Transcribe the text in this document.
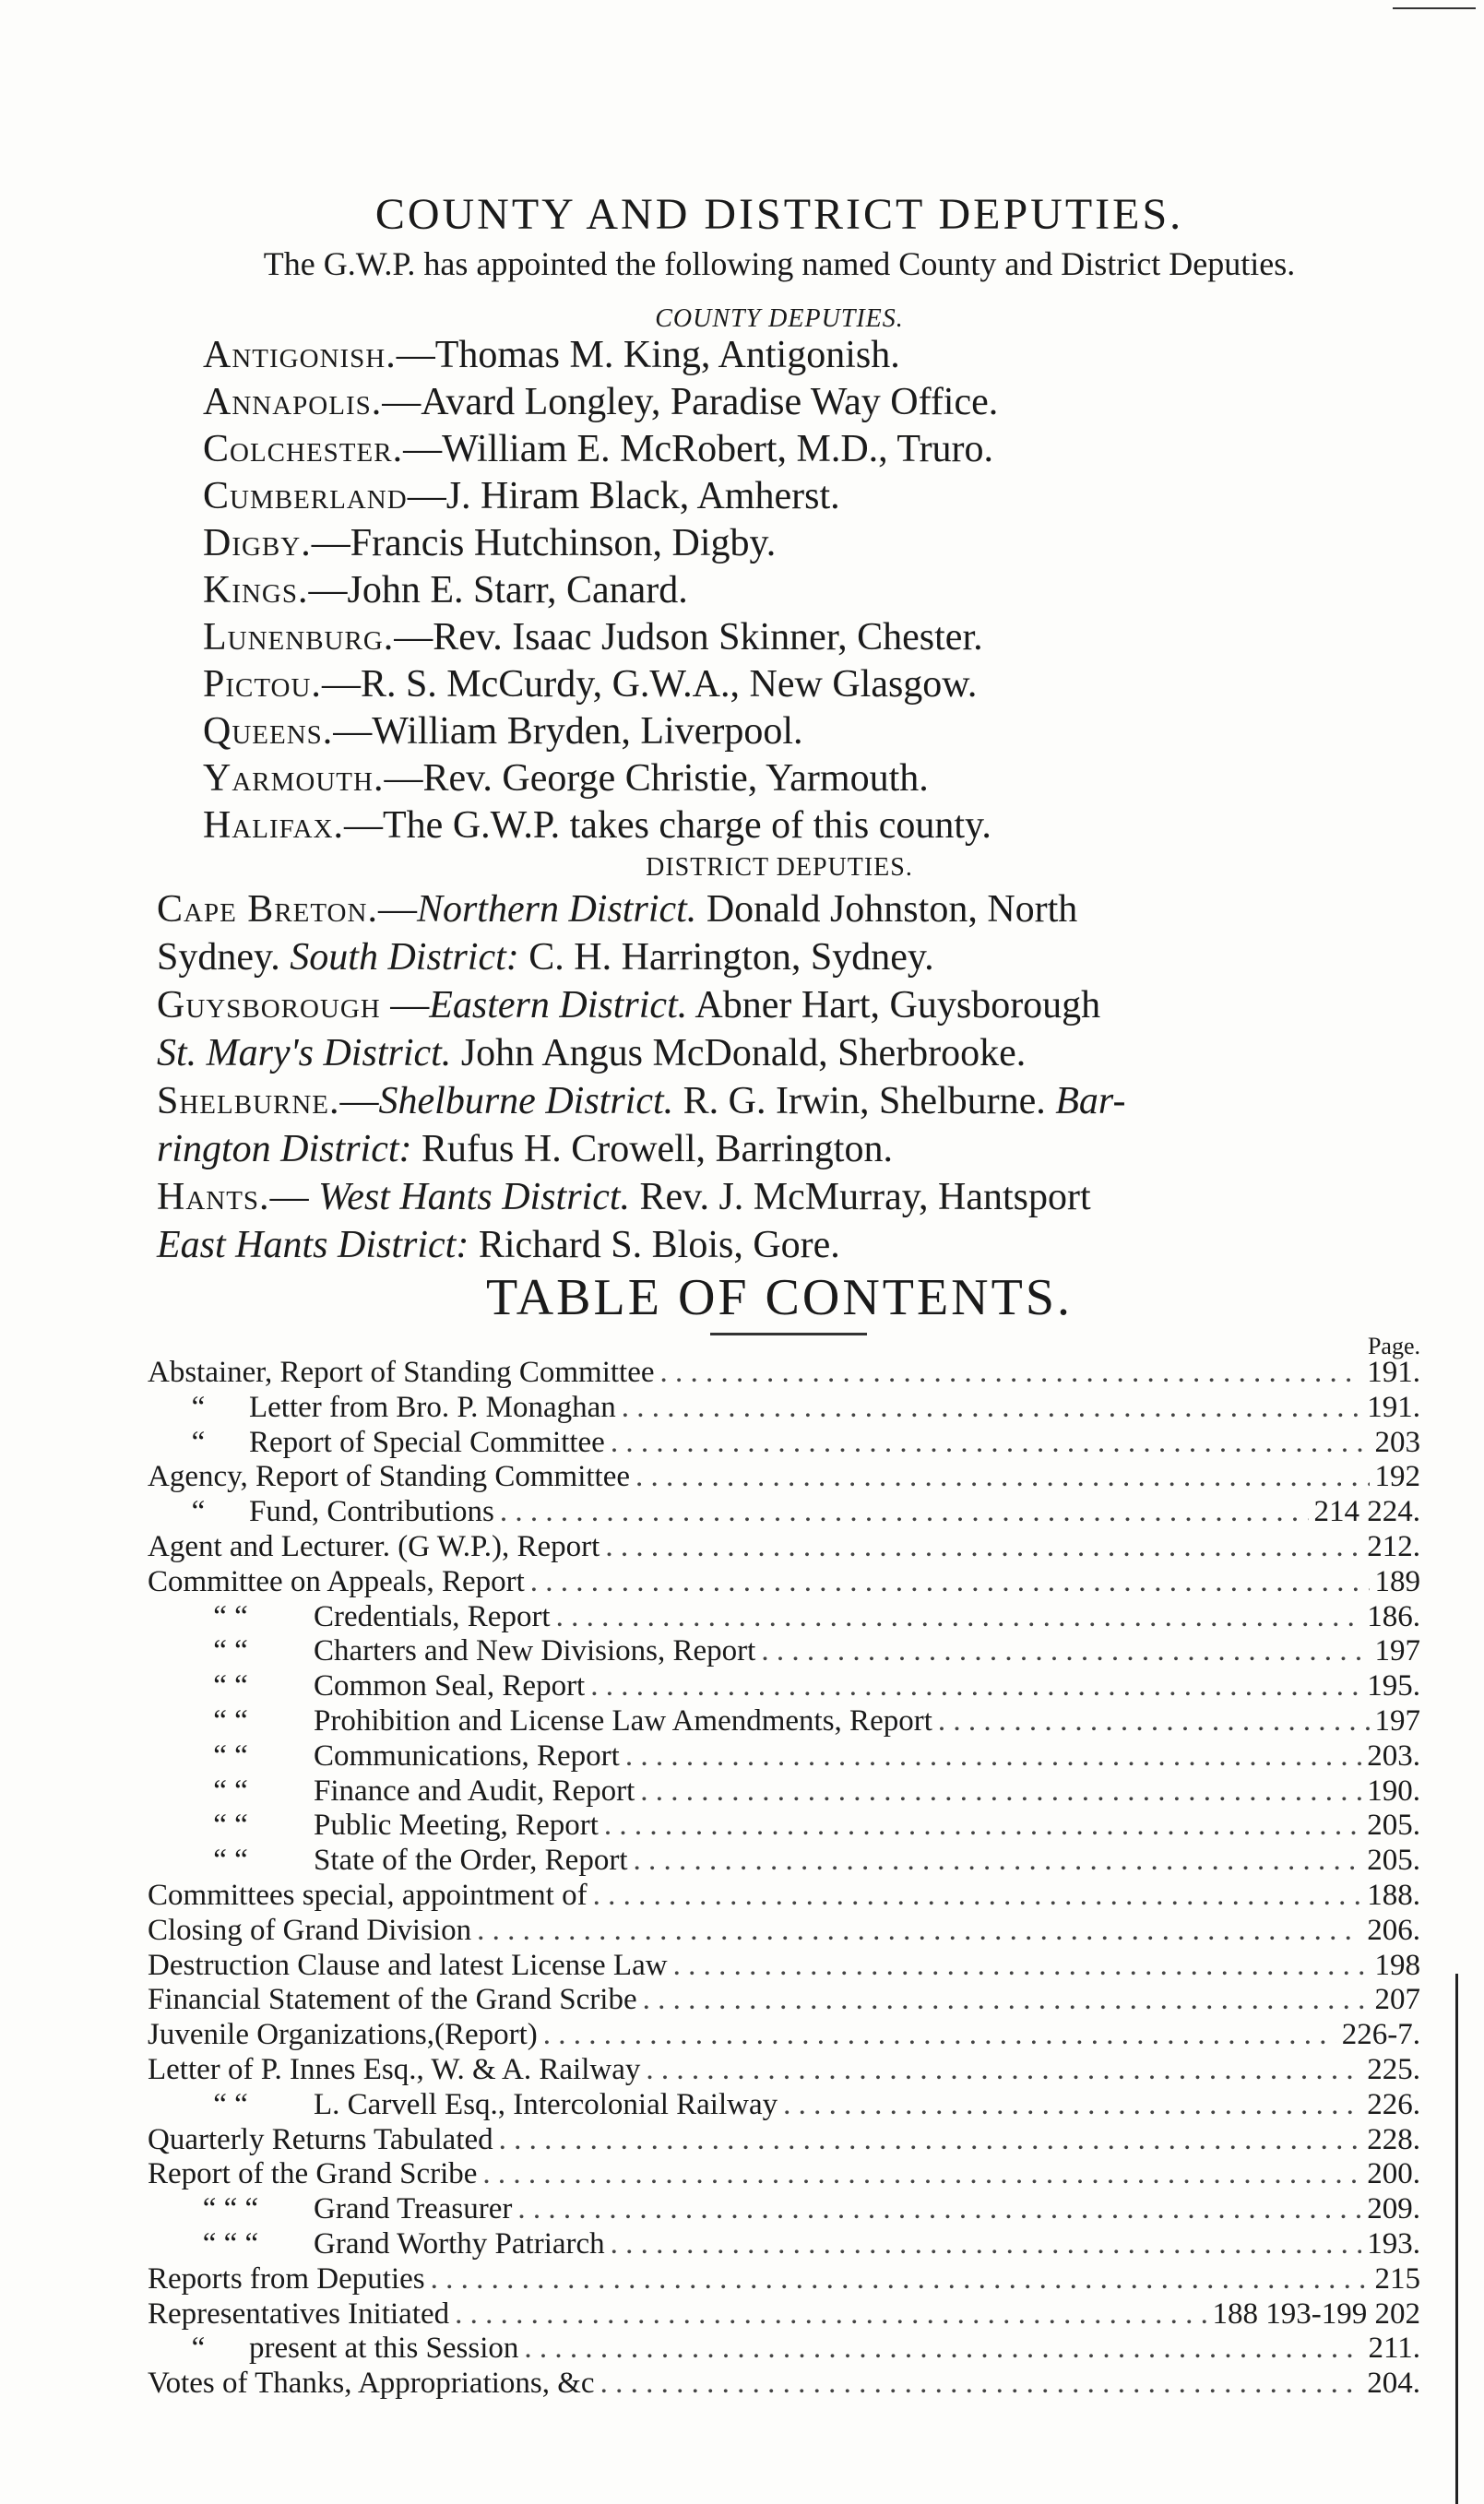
COUNTY AND DISTRICT DEPUTIES.
The G.W.P. has appointed the following named County and District Deputies.
COUNTY DEPUTIES.
Antigonish.—Thomas M. King, Antigonish.
Annapolis.—Avard Longley, Paradise Way Office.
Colchester.—William E. McRobert, M.D., Truro.
Cumberland—J. Hiram Black, Amherst.
Digby.—Francis Hutchinson, Digby.
Kings.—John E. Starr, Canard.
Lunenburg.—Rev. Isaac Judson Skinner, Chester.
Pictou.—R. S. McCurdy, G.W.A., New Glasgow.
Queens.—William Bryden, Liverpool.
Yarmouth.—Rev. George Christie, Yarmouth.
Halifax.—The G.W.P. takes charge of this county.
DISTRICT DEPUTIES.
Cape Breton.—Northern District. Donald Johnston, North
Sydney. South District: C. H. Harrington, Sydney.
Guysborough —Eastern District. Abner Hart, Guysborough
St. Mary's District. John Angus McDonald, Sherbrooke.
Shelburne.—Shelburne District. R. G. Irwin, Shelburne. Bar-
rington District: Rufus H. Crowell, Barrington.
Hants.— West Hants District. Rev. J. McMurray, Hantsport
East Hants District: Richard S. Blois, Gore.
TABLE OF CONTENTS.
Page.
Abstainer, Report of Standing Committee . . .	191.
“ Letter from Bro. P. Monaghan . . .	191.
“ Report of Special Committee . . .	203
Agency, Report of Standing Committee . . .	192
“ Fund, Contributions . . .	214 224.
Agent and Lecturer. (G W.P.), Report . . .	212.
Committee on Appeals, Report . . .	189
“ “ Credentials, Report . . .	186.
“ “ Charters and New Divisions, Report . . .	197
“ “ Common Seal, Report . . .	195.
“ “ Prohibition and License Law Amendments, Report . . .	197
“ “ Communications, Report . . .	203.
“ “ Finance and Audit, Report . . .	190.
“ “ Public Meeting, Report . . .	205.
“ “ State of the Order, Report . . .	205.
Committees special, appointment of . . .	188.
Closing of Grand Division . . .	206.
Destruction Clause and latest License Law . . .	198
Financial Statement of the Grand Scribe . . .	207
Juvenile Organizations,(Report) . . .	226-7.
Letter of P. Innes Esq., W. & A. Railway . . .	225.
“ “ L. Carvell Esq., Intercolonial Railway . . .	226.
Quarterly Returns Tabulated . . .	228.
Report of the Grand Scribe . . .	200.
“ “ “ Grand Treasurer . . .	209.
“ “ “ Grand Worthy Patriarch . . .	193.
Reports from Deputies . . .	215
Representatives Initiated . . .	188 193-199 202
“ present at this Session . . .	211.
Votes of Thanks, Appropriations, &c . . .	204.
